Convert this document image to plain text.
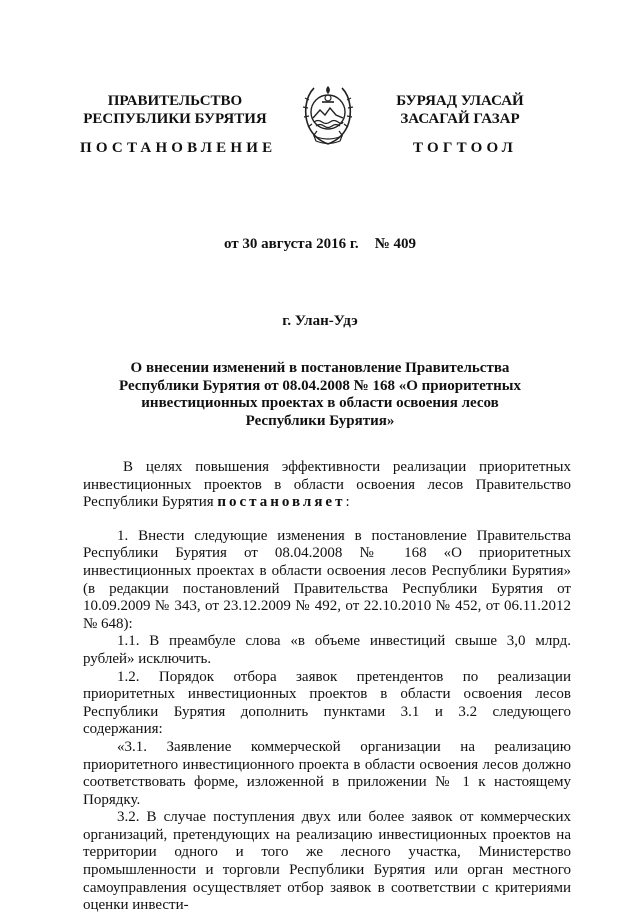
ПРАВИТЕЛЬСТВО
РЕСПУБЛИКИ БУРЯТИЯ
БУРЯАД УЛАСАЙ
ЗАСАГАЙ ГАЗАР
ПОСТАНОВЛЕНИЕ	ТОГТООЛ
от 30 августа 2016 г. № 409
г. Улан-Удэ
О внесении изменений в постановление Правительства
Республики Бурятия от 08.04.2008 № 168 «О приоритетных
инвестиционных проектах в области освоения лесов
Республики Бурятия»

В целях повышения эффективности реализации приоритетных инвестиционных проектов в области освоения лесов Правительство Республики Бурятия постановляет:

1. Внести следующие изменения в постановление Правительства Республики Бурятия от 08.04.2008 № 168 «О приоритетных инвестиционных проектах в области освоения лесов Республики Бурятия» (в редакции постановлений Правительства Республики Бурятия от 10.09.2009 № 343, от 23.12.2009 № 492, от 22.10.2010 № 452, от 06.11.2012 № 648):

1.1. В преамбуле слова «в объеме инвестиций свыше 3,0 млрд. рублей» исключить.

1.2. Порядок отбора заявок претендентов по реализации приоритетных инвестиционных проектов в области освоения лесов Республики Бурятия дополнить пунктами 3.1 и 3.2 следующего содержания:

«3.1. Заявление коммерческой организации на реализацию приоритетного инвестиционного проекта в области освоения лесов должно соответствовать форме, изложенной в приложении № 1 к настоящему Порядку.

3.2. В случае поступления двух или более заявок от коммерческих организаций, претендующих на реализацию инвестиционных проектов на территории одного и того же лесного участка, Министерство промышленности и торговли Республики Бурятия или орган местного самоуправления осуществляет отбор заявок в соответствии с критериями оценки инвести-
